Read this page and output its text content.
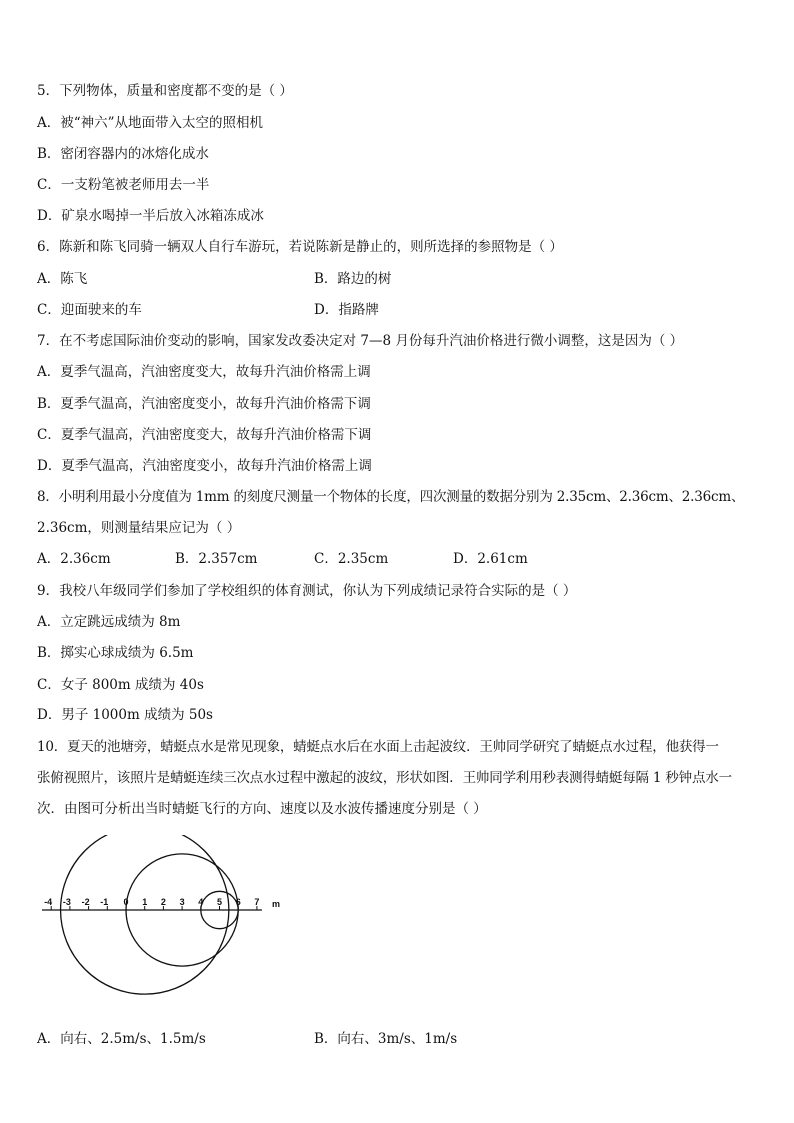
5．下列物体，质量和密度都不变的是（ ）
A．被“神六”从地面带入太空的照相机
B．密闭容器内的冰熔化成水
C．一支粉笔被老师用去一半
D．矿泉水喝掉一半后放入冰箱冻成冰
6．陈新和陈飞同骑一辆双人自行车游玩，若说陈新是静止的，则所选择的参照物是（ ）
A．陈飞	B．路边的树
C．迎面驶来的车	D．指路牌
7．在不考虑国际油价变动的影响，国家发改委决定对 7—8 月份每升汽油价格进行微小调整，这是因为（ ）
A．夏季气温高，汽油密度变大，故每升汽油价格需上调
B．夏季气温高，汽油密度变小，故每升汽油价格需下调
C．夏季气温高，汽油密度变大，故每升汽油价格需下调
D．夏季气温高，汽油密度变小，故每升汽油价格需上调
8．小明利用最小分度值为 1mm 的刻度尺测量一个物体的长度，四次测量的数据分别为 2.35cm、2.36cm、2.36cm、
2.36cm，则测量结果应记为（ ）
A．2.36cm	B．2.357cm	C．2.35cm	D．2.61cm
9．我校八年级同学们参加了学校组织的体育测试，你认为下列成绩记录符合实际的是（ ）
A．立定跳远成绩为 8m
B．掷实心球成绩为 6.5m
C．女子 800m 成绩为 40s
D．男子 1000m 成绩为 50s
10．夏天的池塘旁，蜻蜓点水是常见现象，蜻蜓点水后在水面上击起波纹．王帅同学研究了蜻蜓点水过程，他获得一
张俯视照片，该照片是蜻蜓连续三次点水过程中激起的波纹，形状如图．王帅同学利用秒表测得蜻蜓每隔 1 秒钟点水一
次．由图可分析出当时蜻蜓飞行的方向、速度以及水波传播速度分别是（ ）
-4 -3 -2 -1 0 1 2 3 4 5 6 7 m
A．向右、2.5m/s、1.5m/s	B．向右、3m/s、1m/s
